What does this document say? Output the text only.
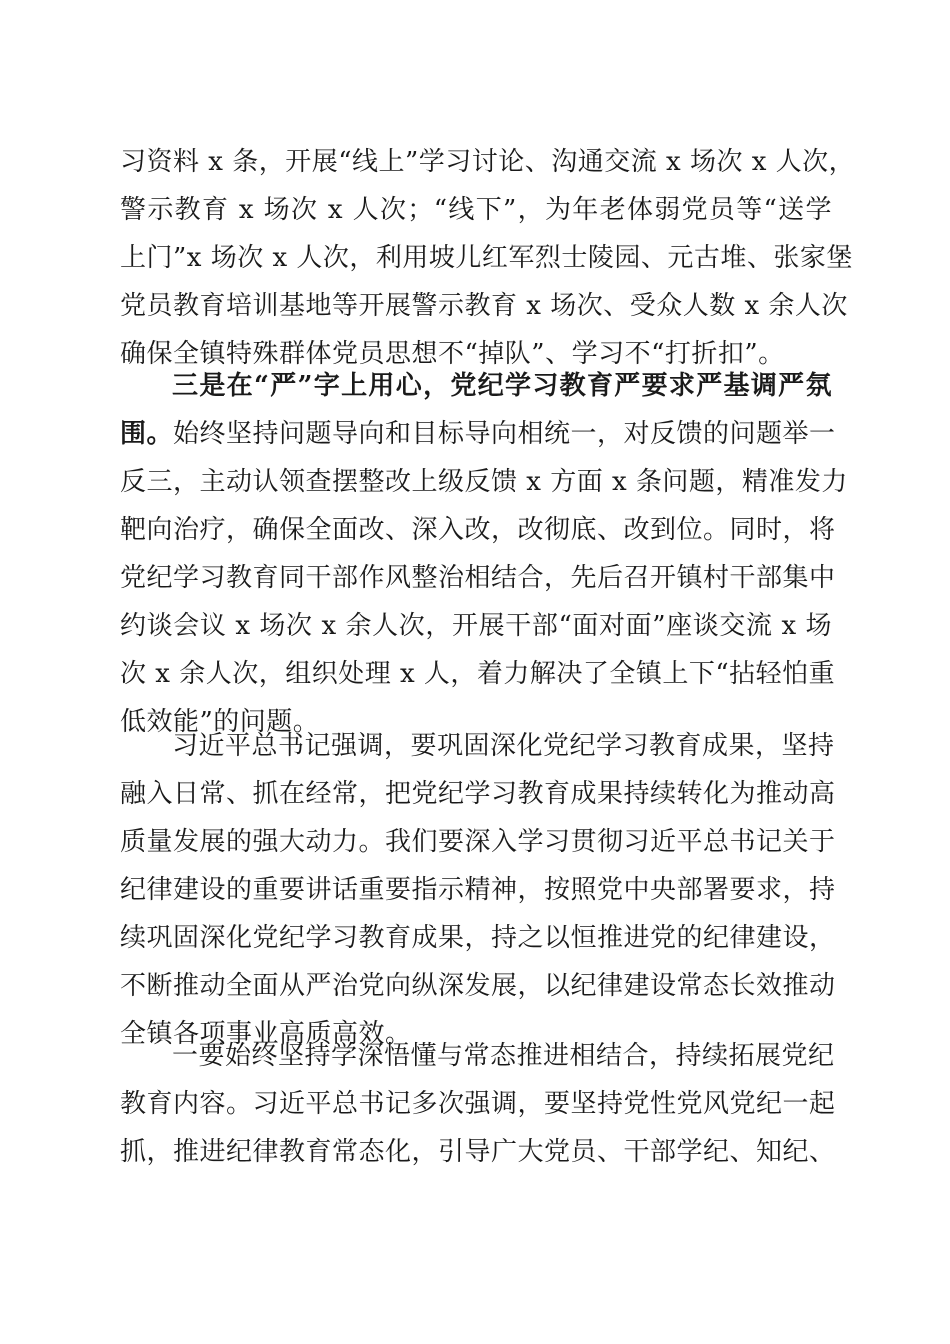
习资料 x 条，开展“线上”学习讨论、沟通交流 x 场次 x 人次，
警示教育 x 场次 x 人次；“线下”，为年老体弱党员等“送学
上门”x 场次 x 人次，利用坡儿红军烈士陵园、元古堆、张家堡
党员教育培训基地等开展警示教育 x 场次、受众人数 x 余人次
确保全镇特殊群体党员思想不“掉队”、学习不“打折扣”。
三是在“严”字上用心，党纪学习教育严要求严基调严氛
围。始终坚持问题导向和目标导向相统一，对反馈的问题举一
反三，主动认领查摆整改上级反馈 x 方面 x 条问题，精准发力
靶向治疗，确保全面改、深入改，改彻底、改到位。同时，将
党纪学习教育同干部作风整治相结合，先后召开镇村干部集中
约谈会议 x 场次 x 余人次，开展干部“面对面”座谈交流 x 场
次 x 余人次，组织处理 x 人，着力解决了全镇上下“拈轻怕重
低效能”的问题。
习近平总书记强调，要巩固深化党纪学习教育成果，坚持
融入日常、抓在经常，把党纪学习教育成果持续转化为推动高
质量发展的强大动力。我们要深入学习贯彻习近平总书记关于
纪律建设的重要讲话重要指示精神，按照党中央部署要求，持
续巩固深化党纪学习教育成果，持之以恒推进党的纪律建设，
不断推动全面从严治党向纵深发展，以纪律建设常态长效推动
全镇各项事业高质高效。
一要始终坚持学深悟懂与常态推进相结合，持续拓展党纪
教育内容。习近平总书记多次强调，要坚持党性党风党纪一起
抓，推进纪律教育常态化，引导广大党员、干部学纪、知纪、
